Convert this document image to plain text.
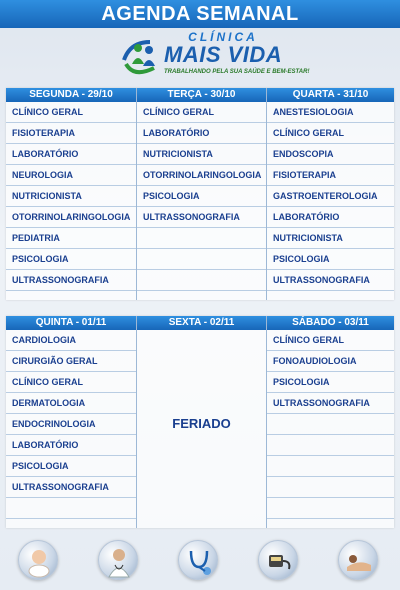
AGENDA SEMANAL
CLÍNICA
MAIS VIDA
TRABALHANDO PELA SUA SAÚDE E BEM-ESTAR!
SEGUNDA - 29/10
CLÍNICO GERAL
FISIOTERAPIA
LABORATÓRIO
NEUROLOGIA
NUTRICIONISTA
OTORRINOLARINGOLOGIA
PEDIATRIA
PSICOLOGIA
ULTRASSONOGRAFIA
TERÇA - 30/10
CLÍNICO GERAL
LABORATÓRIO
NUTRICIONISTA
OTORRINOLARINGOLOGIA
PSICOLOGIA
ULTRASSONOGRAFIA
QUARTA - 31/10
ANESTESIOLOGIA
CLÍNICO GERAL
ENDOSCOPIA
FISIOTERAPIA
GASTROENTEROLOGIA
LABORATÓRIO
NUTRICIONISTA
PSICOLOGIA
ULTRASSONOGRAFIA
QUINTA - 01/11
CARDIOLOGIA
CIRURGIÃO GERAL
CLÍNICO GERAL
DERMATOLOGIA
ENDOCRINOLOGIA
LABORATÓRIO
PSICOLOGIA
ULTRASSONOGRAFIA
SEXTA - 02/11
FERIADO
SÁBADO - 03/11
CLÍNICO GERAL
FONOAUDIOLOGIA
PSICOLOGIA
ULTRASSONOGRAFIA
